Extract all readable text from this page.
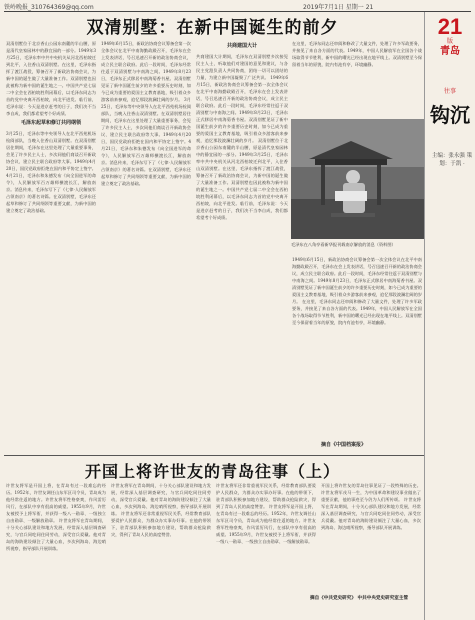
铁岭晚报_310764369@qq.com	2019年7月1日 星期一 21
21
版
青岛
往事
钩沉
主编：张永强 策划：于凯 ·
双清别墅：在新中国诞生的前夕
双清别墅位于北京香山公园东南麓的半山腰，原是清代皇家园林中的静宜园的一部分。1949年3月25日，毛泽东率中共中央机关从河北西柏坡迁到北平，入住香山双清别墅。在这里，毛泽东指挥了渡江战役，筹备召开了新政治协商会议，为新中国的诞生做了大量准备工作。双清别墅也因此被称为新中国的诞生地之一。中国共产党七届二中全会在西柏坡胜利闭幕后，以毛泽东同志为首的党中央离开西柏坡，向北平进发。临行前，毛泽东说：今天是进京赶考的日子，我们决不当李自成，我们都希望考个好成绩。
毛泽东起草和修订共同纲领
3月25日，毛泽东等中央领导人在北平西苑机场检阅部队，当晚入住香山双清别墅。在双清别墅居住期间，毛泽东在这里处理了大量重要事务，会见了许多民主人士，多次同他们商谈召开新政协会议、建立民主联合政府等大事。1949年4月20日，国民党政府拒绝在国内和平协定上签字。4月21日，毛泽东和朱德发布《向全国进军的命令》，人民解放军百万雄师横渡长江，解放南京。消息传来，毛泽东写下了《七律·人民解放军占领南京》的著名诗篇。在双清别墅，毛泽东还起草和修订了共同纲领等重要文献，为新中国的建立奠定了政治基础。
1949年6月15日，新政治协商会议筹备会第一次全体会议在北平中南海勤政殿召开，毛泽东在会上发表讲话，号召迅速召开新的政治协商会议，成立民主联合政府。此后一段时间，毛泽东经常往返于双清别墅与中南海之间。1949年8月23日，毛泽东正式移居中南海菊香书屋。双清别墅见证了新中国诞生前夕的许多重要历史时刻，如今已成为重要的爱国主义教育基地，吸引着众多游客前来参观，追忆那段波澜壮阔的岁月。 3月25日，毛泽东等中央领导人在北平西苑机场检阅部队，当晚入住香山双清别墅。在双清别墅居住期间，毛泽东在这里处理了大量重要事务，会见了许多民主人士，多次同他们商谈召开新政协会议、建立民主联合政府等大事。1949年4月20日，国民党政府拒绝在国内和平协定上签字。4月21日，毛泽东和朱德发布《向全国进军的命令》，人民解放军百万雄师横渡长江，解放南京。消息传来，毛泽东写下了《七律·人民解放军占领南京》的著名诗篇。在双清别墅，毛泽东还起草和修订了共同纲领等重要文献，为新中国的建立奠定了政治基础。
共商建国大计
共商建国大计期间，毛泽东在双清别墅多次接见民主人士，听取他们对建国的意见和建议，与各民主党派负责人共同协商，团结一切可以团结的力量，为建立新中国凝聚了广泛共识。 1949年6月15日，新政治协商会议筹备会第一次全体会议在北平中南海勤政殿召开，毛泽东在会上发表讲话，号召迅速召开新的政治协商会议，成立民主联合政府。此后一段时间，毛泽东经常往返于双清别墅与中南海之间。1949年8月23日，毛泽东正式移居中南海菊香书屋。双清别墅见证了新中国诞生前夕的许多重要历史时刻，如今已成为重要的爱国主义教育基地，吸引着众多游客前来参观，追忆那段波澜壮阔的岁月。 双清别墅位于北京香山公园东南麓的半山腰，原是清代皇家园林中的静宜园的一部分。1949年3月25日，毛泽东率中共中央机关从河北西柏坡迁到北平，入住香山双清别墅。在这里，毛泽东指挥了渡江战役，筹备召开了新政治协商会议，为新中国的诞生做了大量准备工作。双清别墅也因此被称为新中国的诞生地之一。中国共产党七届二中全会在西柏坡胜利闭幕后，以毛泽东同志为首的党中央离开西柏坡，向北平进发。临行前，毛泽东说：今天是进京赶考的日子，我们决不当李自成，我们都希望考个好成绩。
在这里，毛泽东同志还审阅和修改了大量文件，处理了许多军政要务，并接见了来自各方面的代表。1949年，中国人民解放军在全国各个战场取得节节胜利，新中国的曙光已经出现在地平线上。双清别墅至今保留着当年的原貌，院内有池有亭，环境幽静。
毛泽东在八角亭看新华报刊载南京解放的消息（资料图）
1949年6月15日，新政治协商会议筹备会第一次全体会议在北平中南海勤政殿召开，毛泽东在会上发表讲话，号召迅速召开新的政治协商会议，成立民主联合政府。此后一段时间，毛泽东经常往返于双清别墅与中南海之间。1949年8月23日，毛泽东正式移居中南海菊香书屋。双清别墅见证了新中国诞生前夕的许多重要历史时刻，如今已成为重要的爱国主义教育基地，吸引着众多游客前来参观，追忆那段波澜壮阔的岁月。 在这里，毛泽东同志还审阅和修改了大量文件，处理了许多军政要务，并接见了来自各方面的代表。1949年，中国人民解放军在全国各个战场取得节节胜利，新中国的曙光已经出现在地平线上。双清别墅至今保留着当年的原貌，院内有池有亭，环境幽静。
摘自《中国档案报》
开国上将许世友的青岛往事（上）
许世友将军是开国上将，在青岛有过一段难忘的经历。1952年，许世友调任山东军区司令员，青岛成为他经常往返的地方。许世友将军性格豪爽，作风雷厉风行，在部队中享有很高的威望。1955年9月，许世友被授予上将军衔，并获得一级八一勋章、一级独立自由勋章、一级解放勋章。 许世友将军在青岛期间，十分关心部队建设和地方发展，经常深入基层调查研究，与官兵同吃同住同劳动，深受官兵爱戴。他对青岛的海防建设倾注了大量心血，多次到海岛、海边哨所视察，指导部队开展训练。
许世友将军在青岛期间，十分关心部队建设和地方发展，经常深入基层调查研究，与官兵同吃同住同劳动，深受官兵爱戴。他对青岛的海防建设倾注了大量心血，多次到海岛、海边哨所视察，指导部队开展训练。 许世友将军还非常重视军民关系，经常教育部队要爱护人民群众，为群众办实事办好事。在他的带领下，驻青部队积极参加地方建设，帮助群众抢险救灾，得到了青岛人民的高度赞誉。
许世友将军还非常重视军民关系，经常教育部队要爱护人民群众，为群众办实事办好事。在他的带领下，驻青部队积极参加地方建设，帮助群众抢险救灾，得到了青岛人民的高度赞誉。 许世友将军是开国上将，在青岛有过一段难忘的经历。1952年，许世友调任山东军区司令员，青岛成为他经常往返的地方。许世友将军性格豪爽，作风雷厉风行，在部队中享有很高的威望。1955年9月，许世友被授予上将军衔，并获得一级八一勋章、一级独立自由勋章、一级解放勋章。
开国上将许世友的青岛往事见证了一段特殊的历史。许世友将军戎马一生，为中国革命和建设事业做出了重要贡献，他的事迹至今仍为人们所传颂。 许世友将军在青岛期间，十分关心部队建设和地方发展，经常深入基层调查研究，与官兵同吃同住同劳动，深受官兵爱戴。他对青岛的海防建设倾注了大量心血，多次到海岛、海边哨所视察，指导部队开展训练。
摘自《中共党史研究》 中共中央党史研究室主管
